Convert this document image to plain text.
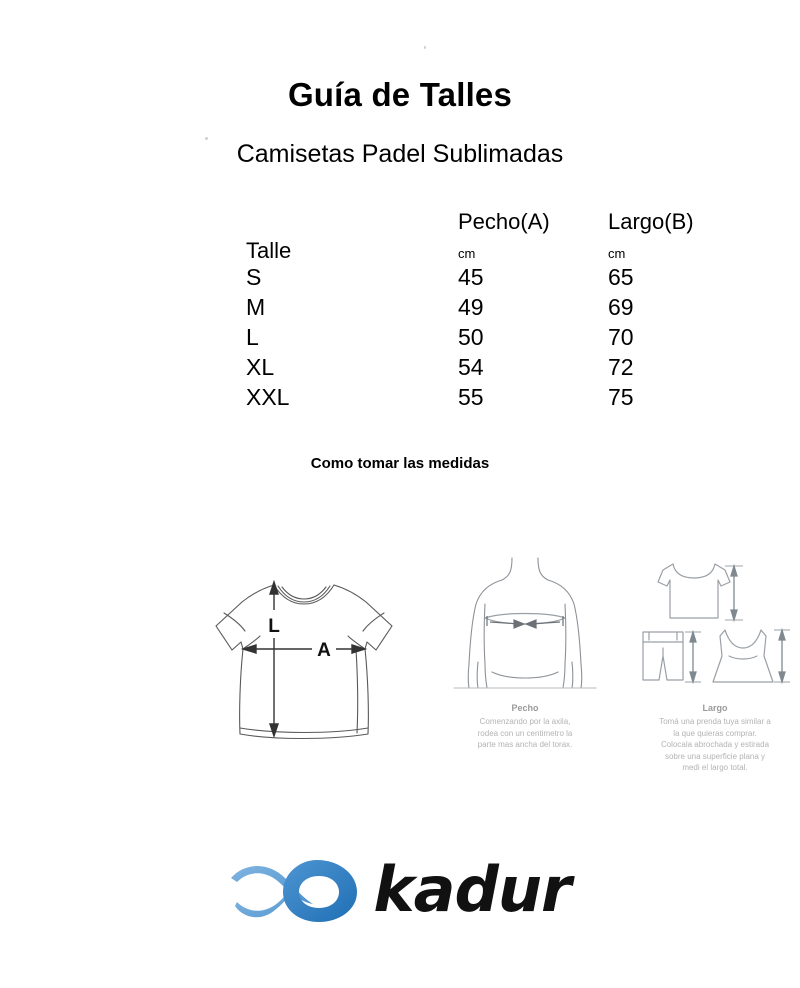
Guía de Talles
Camisetas Padel Sublimadas
	Pecho(A)	Largo(B)
Talle	cm	cm
S	45	65
M	49	69
L	50	70
XL	54	72
XXL	55	75
Como tomar las medidas
L
A
Pecho
Comenzando por la axila,
rodea con un centimetro la
parte mas ancha del torax.
Largo
Tomá una prenda tuya similar a
la que quieras comprar.
Colocala abrochada y estirada
sobre una superficie plana y
medi el largo total.
kadur
